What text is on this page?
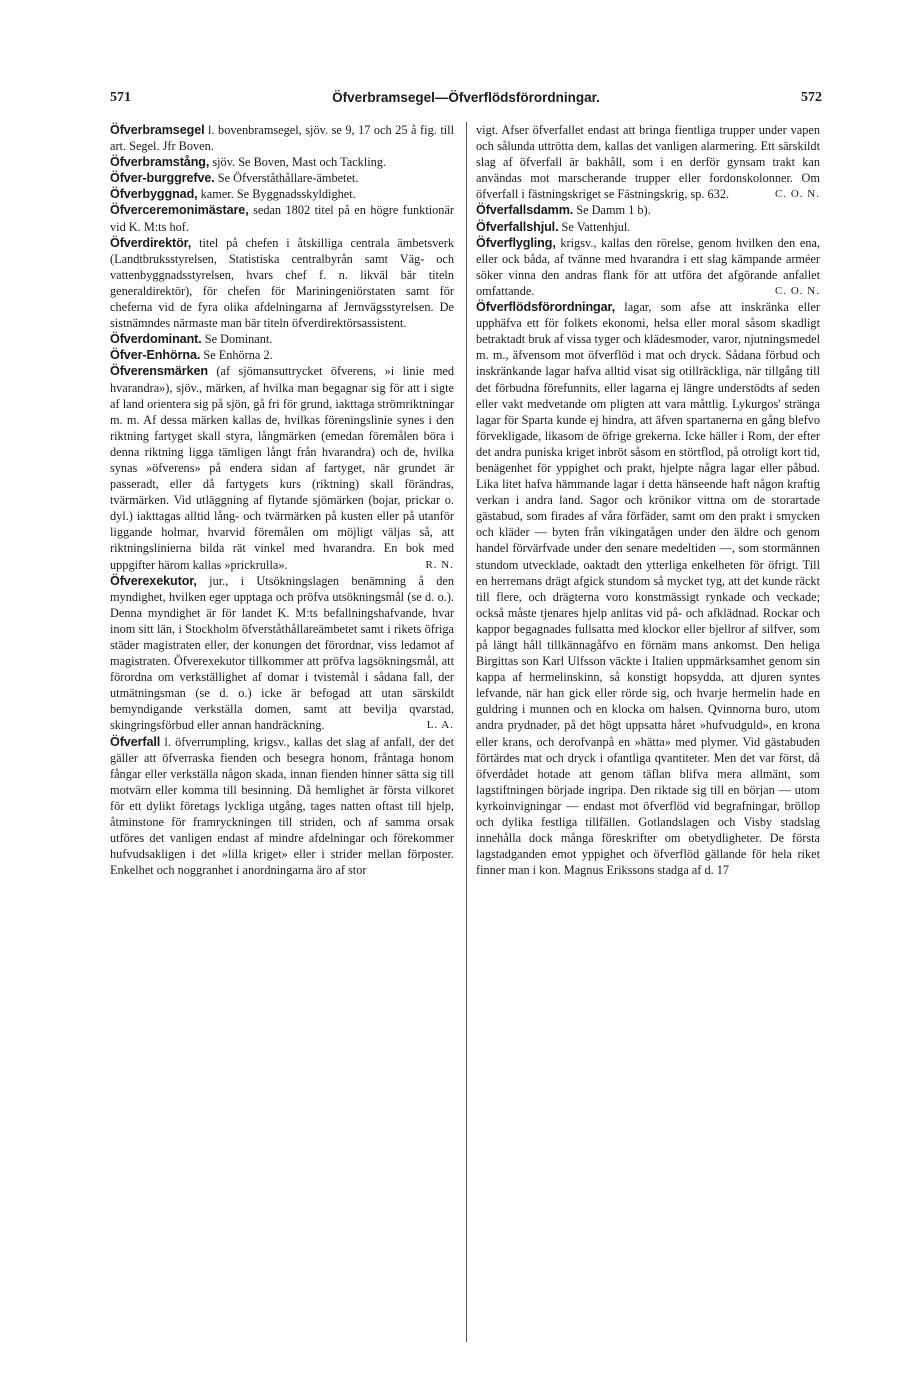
571	Öfverbramsegel—Öfverflödsförordningar.	572

Öfverbramsegel l. bovenbramsegel, sjöv. se 9, 17 och 25 å fig. till art. Segel. Jfr Boven.

Öfverbramstång, sjöv. Se Boven, Mast och Tackling.

Öfver-burggrefve. Se Öfverståthållare-ämbetet.

Öfverbyggnad, kamer. Se Byggnadsskyldighet.

Öfverceremonimästare, sedan 1802 titel på en högre funktionär vid K. M:ts hof.

Öfverdirektör, titel på chefen i åtskilliga centrala ämbetsverk (Landtbruksstyrelsen, Statistiska centralbyrån samt Väg- och vattenbyggnadsstyrelsen, hvars chef f. n. likväl bär titeln generaldirektör), för chefen för Mariningeniörstaten samt för cheferna vid de fyra olika afdelningarna af Jernvägsstyrelsen. De sistnämndes närmaste man bär titeln öfverdirektörsassistent.

Öfverdominant. Se Dominant.

Öfver-Enhörna. Se Enhörna 2.

Öfverensmärken (af sjömansuttrycket öfverens, »i linie med hvarandra»), sjöv., märken, af hvilka man begagnar sig för att i sigte af land orientera sig på sjön, gå fri för grund, iakttaga strömriktningar m. m. Af dessa märken kallas de, hvilkas föreningslinie synes i den riktning fartyget skall styra, långmärken (emedan föremålen böra i denna riktning ligga tämligen långt från hvarandra) och de, hvilka synas »öfverens» på endera sidan af fartyget, när grundet är passeradt, eller då fartygets kurs (riktning) skall förändras, tvärmärken. Vid utläggning af flytande sjömärken (bojar, prickar o. dyl.) iakttagas alltid lång- och tvärmärken på kusten eller på utanför liggande holmar, hvarvid föremålen om möjligt väljas så, att riktningslinierna bilda rät vinkel med hvarandra. En bok med uppgifter härom kallas »prickrulla».	R. N.

Öfverexekutor, jur., i Utsökningslagen benämning å den myndighet, hvilken eger upptaga och pröfva utsökningsmål (se d. o.). Denna myndighet är för landet K. M:ts befallningshafvande, hvar inom sitt län, i Stockholm öfverståthållareämbetet samt i rikets öfriga städer magistraten eller, der konungen det förordnar, viss ledamot af magistraten. Öfverexekutor tillkommer att pröfva lagsökningsmål, att förordna om verkställighet af domar i tvistemål i sådana fall, der utmätningsman (se d. o.) icke är befogad att utan särskildt bemyndigande verkställa domen, samt att bevilja qvarstad, skingringsförbud eller annan handräckning.	L. A.

Öfverfall l. öfverrumpling, krigsv., kallas det slag af anfall, der det gäller att öfverraska fienden och besegra honom, fråntaga honom fångar eller verkställa någon skada, innan fienden hinner sätta sig till motvärn eller komma till besinning. Då hemlighet är första vilkoret för ett dylikt företags lyckliga utgång, tages natten oftast till hjelp, åtminstone för framryckningen till striden, och af samma orsak utföres det vanligen endast af mindre afdelningar och förekommer hufvudsakligen i det »lilla kriget» eller i strider mellan förposter. Enkelhet och noggranhet i anordningarna äro af stor

vigt. Afser öfverfallet endast att bringa fientliga trupper under vapen och sålunda uttrötta dem, kallas det vanligen alarmering. Ett särskildt slag af öfverfall är bakhåll, som i en derför gynsam trakt kan användas mot marscherande trupper eller fordonskolonner. Om öfverfall i fästningskriget se Fästningskrig, sp. 632.	C. O. N.

Öfverfallsdamm. Se Damm 1 b).

Öfverfallshjul. Se Vattenhjul.

Öfverflygling, krigsv., kallas den rörelse, genom hvilken den ena, eller ock båda, af tvänne med hvarandra i ett slag kämpande arméer söker vinna den andras flank för att utföra det afgörande anfallet omfattande.	C. O. N.

Öfverflödsförordningar, lagar, som afse att inskränka eller upphäfva ett för folkets ekonomi, helsa eller moral såsom skadligt betraktadt bruk af vissa tyger och klädesmoder, varor, njutningsmedel m. m., äfvensom mot öfverflöd i mat och dryck. Sådana förbud och inskränkande lagar hafva alltid visat sig otillräckliga, när tillgång till det förbudna förefunnits, eller lagarna ej längre understödts af seden eller vakt medvetande om pligten att vara måttlig. Lykurgos' stränga lagar för Sparta kunde ej hindra, att äfven spartanerna en gång blefvo förvekligade, likasom de öfrige grekerna. Icke häller i Rom, der efter det andra puniska kriget inbröt såsom en störtflod, på otroligt kort tid, benägenhet för yppighet och prakt, hjelpte några lagar eller påbud. Lika litet hafva hämmande lagar i detta hänseende haft någon kraftig verkan i andra land. Sagor och krönikor vittna om de storartade gästabud, som firades af våra förfäder, samt om den prakt i smycken och kläder — byten från vikingatågen under den äldre och genom handel förvärfvade under den senare medeltiden —, som stormännen stundom utvecklade, oaktadt den ytterliga enkelheten för öfrigt. Till en herremans drägt afgick stundom så mycket tyg, att det kunde räckt till flere, och drägterna voro konstmässigt rynkade och veckade; också måste tjenares hjelp anlitas vid på- och afklädnad. Rockar och kappor begagnades fullsatta med klockor eller bjellror af silfver, som på längt håll tillkännagåfvo en förnäm mans ankomst. Den heliga Birgittas son Karl Ulfsson väckte i Italien uppmärksamhet genom sin kappa af hermelinskinn, så konstigt hopsydda, att djuren syntes lefvande, när han gick eller rörde sig, och hvarje hermelin hade en guldring i munnen och en klocka om halsen. Qvinnorna buro, utom andra prydnader, på det högt uppsatta håret »hufvudguld», en krona eller krans, och derofvanpå en »hätta» med plymer. Vid gästabuden förtärdes mat och dryck i ofantliga qvantiteter. Men det var först, då öfverdådet hotade att genom täflan blifva mera allmänt, som lagstiftningen började ingripa. Den riktade sig till en början — utom kyrkoinvigningar — endast mot öfverflöd vid begrafningar, bröllop och dylika festliga tillfällen. Gotlandslagen och Visby stadslag innehålla dock många föreskrifter om obetydligheter. De första lagstadganden emot yppighet och öfverflöd gällande för hela riket finner man i kon. Magnus Erikssons stadga af d. 17
